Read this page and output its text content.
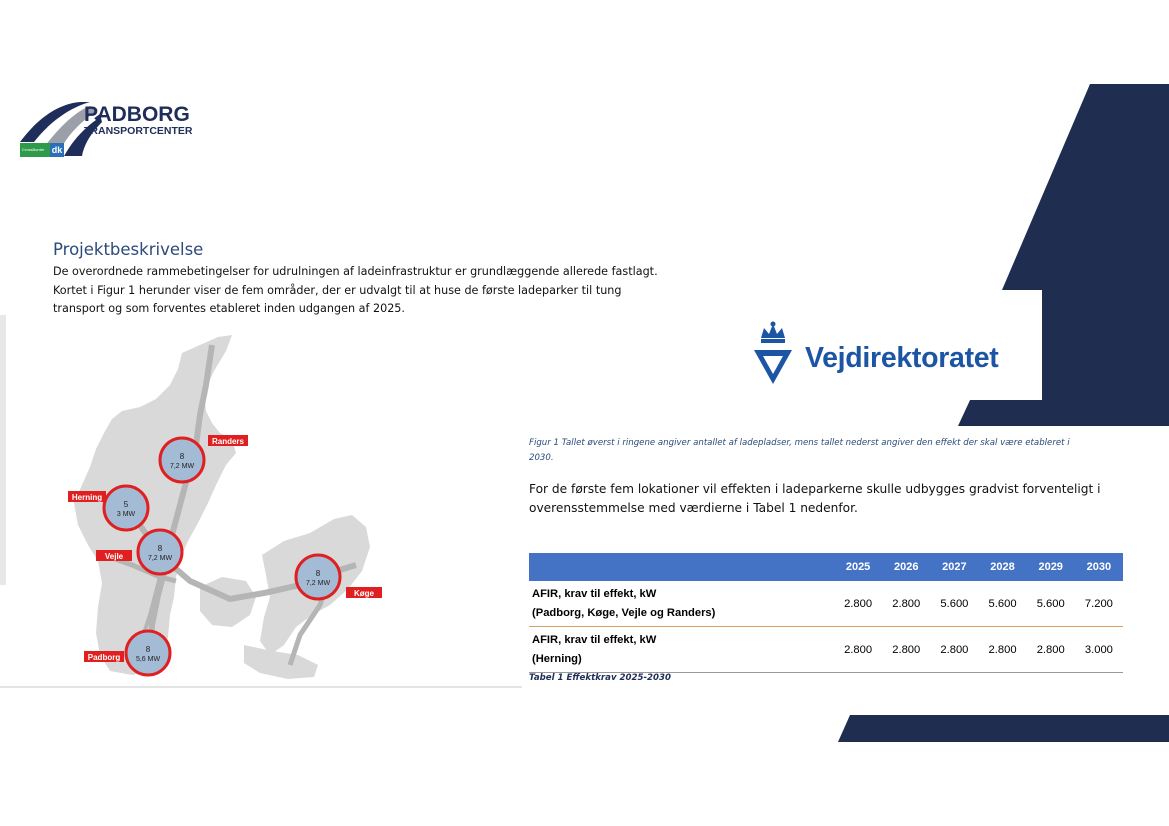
PADBORG
TRANSPORTCENTER
CrossBorder dk
Projektbeskrivelse

De overordnede rammebetingelser for udrulningen af ladeinfrastruktur er grundlæggende allerede fastlagt.

Kortet i Figur 1 herunder viser de fem områder, der er udvalgt til at huse de første ladeparker til tung

transport og som forventes etableret inden udgangen af 2025.

8
7,2 MW
Randers
5
3 MW
Herning
8
7,2 MW
Vejle
8
7,2 MW
Køge
8
5,6 MW
Padborg
Vejdirektoratet
Figur 1 Tallet øverst i ringene angiver antallet af ladepladser, mens tallet nederst angiver den effekt der skal være etableret i
2030.

For de første fem lokationer vil effekten i ladeparkerne skulle udbygges gradvist forventeligt i

overensstemmelse med værdierne i Tabel 1 nedenfor.

	2025	2026	2027	2028	2029	2030

AFIR, krav til effekt, kW
(Padborg, Køge, Vejle og Randers)	2.800	2.800	5.600	5.600	5.600	7.200

AFIR, krav til effekt, kW
(Herning)	2.800	2.800	2.800	2.800	2.800	3.000
Tabel 1 Effektkrav 2025-2030
